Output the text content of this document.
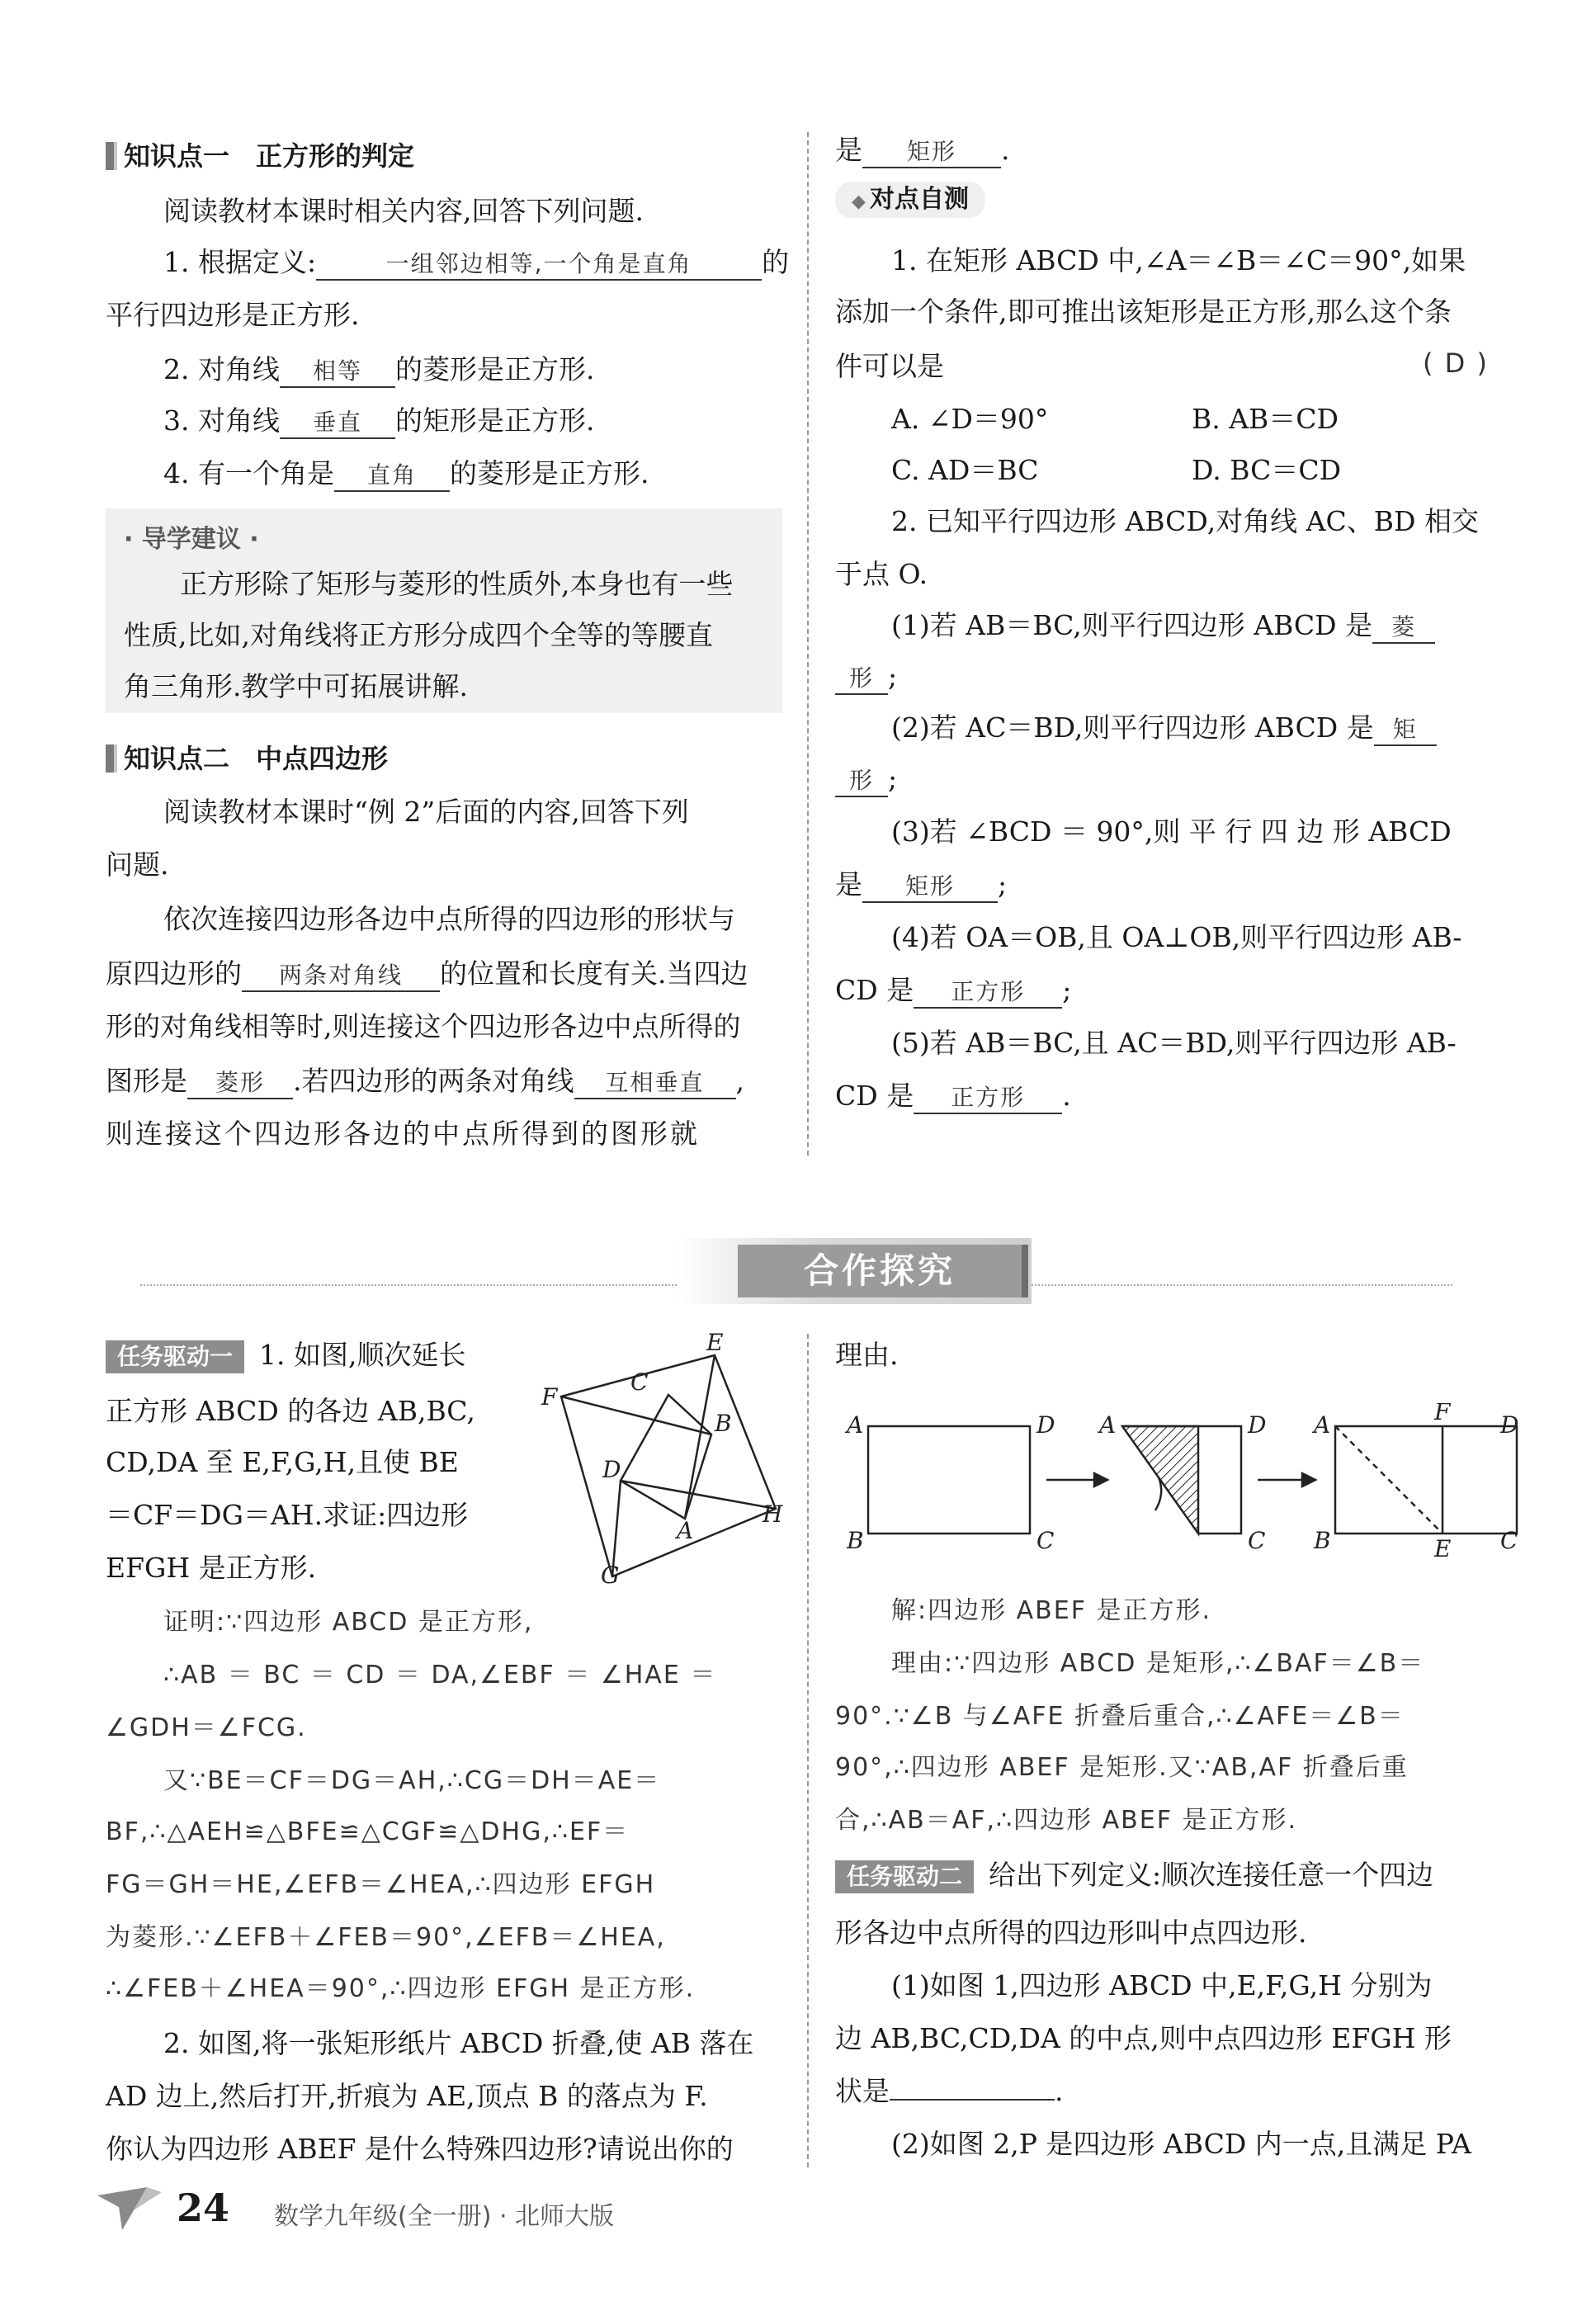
知识点一　正方形的判定
阅读教材本课时相关内容,回答下列问题.
1. 根据定义:	一组邻边相等,一个角是直角	的
平行四边形是正方形.
2. 对角线 相等 的菱形是正方形.
3. 对角线 垂直 的矩形是正方形.
4. 有一个角是 直角 的菱形是正方形.
· 导学建议 ·
正方形除了矩形与菱形的性质外,本身也有一些
性质,比如,对角线将正方形分成四个全等的等腰直
角三角形.教学中可拓展讲解.
知识点二　中点四边形
阅读教材本课时“例 2”后面的内容,回答下列
问题.
依次连接四边形各边中点所得的四边形的形状与
原四边形的 两条对角线 的位置和长度有关.当四边
形的对角线相等时,则连接这个四边形各边中点所得的
图形是 菱形 .若四边形的两条对角线 互相垂直 ,
则连接这个四边形各边的中点所得到的图形就
是 矩形 .
◆ 对点自测
1. 在矩形 ABCD 中,∠A＝∠B＝∠C＝90°,如果
添加一个条件,即可推出该矩形是正方形,那么这个条
件可以是	( D )
A. ∠D＝90°	B. AB＝CD
C. AD＝BC	D. BC＝CD
2. 已知平行四边形 ABCD,对角线 AC、BD 相交
于点 O.
(1)若 AB＝BC,则平行四边形 ABCD 是 菱
形 ;
(2)若 AC＝BD,则平行四边形 ABCD 是 矩
形 ;
(3)若 ∠BCD ＝ 90°,则 平 行 四 边 形 ABCD
是 矩形 ;
(4)若 OA＝OB,且 OA⊥OB,则平行四边形 AB-
CD 是 正方形 ;
(5)若 AB＝BC,且 AC＝BD,则平行四边形 AB-
CD 是 正方形 .
合作探究
任务驱动一 1. 如图,顺次延长
正方形 ABCD 的各边 AB,BC,
CD,DA 至 E,F,G,H,且使 BE
＝CF＝DG＝AH.求证:四边形
EFGH 是正方形.
E
F
C
B
D
A
H
G
证明:∵四边形 ABCD 是正方形,
∴AB ＝ BC ＝ CD ＝ DA,∠EBF ＝ ∠HAE ＝
∠GDH＝∠FCG.
又∵BE＝CF＝DG＝AH,∴CG＝DH＝AE＝
BF,∴△AEH≌△BFE≌△CGF≌△DHG,∴EF＝
FG＝GH＝HE,∠EFB＝∠HEA,∴四边形 EFGH
为菱形.∵∠EFB＋∠FEB＝90°,∠EFB＝∠HEA,
∴∠FEB＋∠HEA＝90°,∴四边形 EFGH 是正方形.
2. 如图,将一张矩形纸片 ABCD 折叠,使 AB 落在
AD 边上,然后打开,折痕为 AE,顶点 B 的落点为 F.
你认为四边形 ABEF 是什么特殊四边形?请说出你的
理由.
A	D
B	C
A	D
C
A	F D
B	E C
解:四边形 ABEF 是正方形.
理由:∵四边形 ABCD 是矩形,∴∠BAF＝∠B＝
90°.∵∠B 与∠AFE 折叠后重合,∴∠AFE＝∠B＝
90°,∴四边形 ABEF 是矩形.又∵AB,AF 折叠后重
合,∴AB＝AF,∴四边形 ABEF 是正方形.
任务驱动二 给出下列定义:顺次连接任意一个四边
形各边中点所得的四边形叫中点四边形.
(1)如图 1,四边形 ABCD 中,E,F,G,H 分别为
边 AB,BC,CD,DA 的中点,则中点四边形 EFGH 形
状是	.
(2)如图 2,P 是四边形 ABCD 内一点,且满足 PA
24 数学九年级(全一册) · 北师大版
